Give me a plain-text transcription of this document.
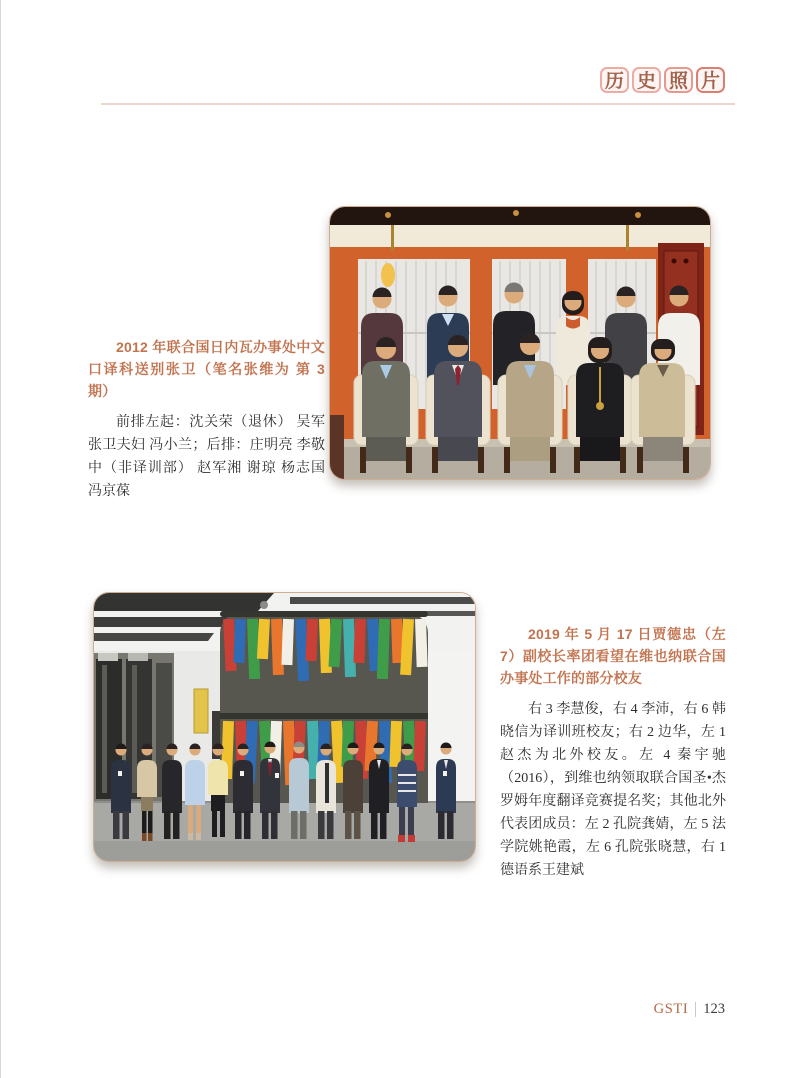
历 史 照 片
2012 年联合国日内瓦办事处中文口译科送别张卫（笔名张维为 第 3 期）
前排左起：沈关荣（退休） 吴军 张卫夫妇 冯小兰；后排：庄明亮 李敬中（非译训部） 赵军湘 谢琼 杨志国 冯京葆
2019 年 5 月 17 日贾德忠（左 7）副校长率团看望在维也纳联合国办事处工作的部分校友
右 3 李慧俊，右 4 李沛，右 6 韩晓信为译训班校友；右 2 边华，左 1 赵杰为北外校友。左 4 秦宇驰（2016），到维也纳领取联合国圣•杰罗姆年度翻译竞赛提名奖；其他北外代表团成员：左 2 孔院龚婧，左 5 法学院姚艳霞，左 6 孔院张晓慧，右 1 德语系王建斌
GSTI 123
